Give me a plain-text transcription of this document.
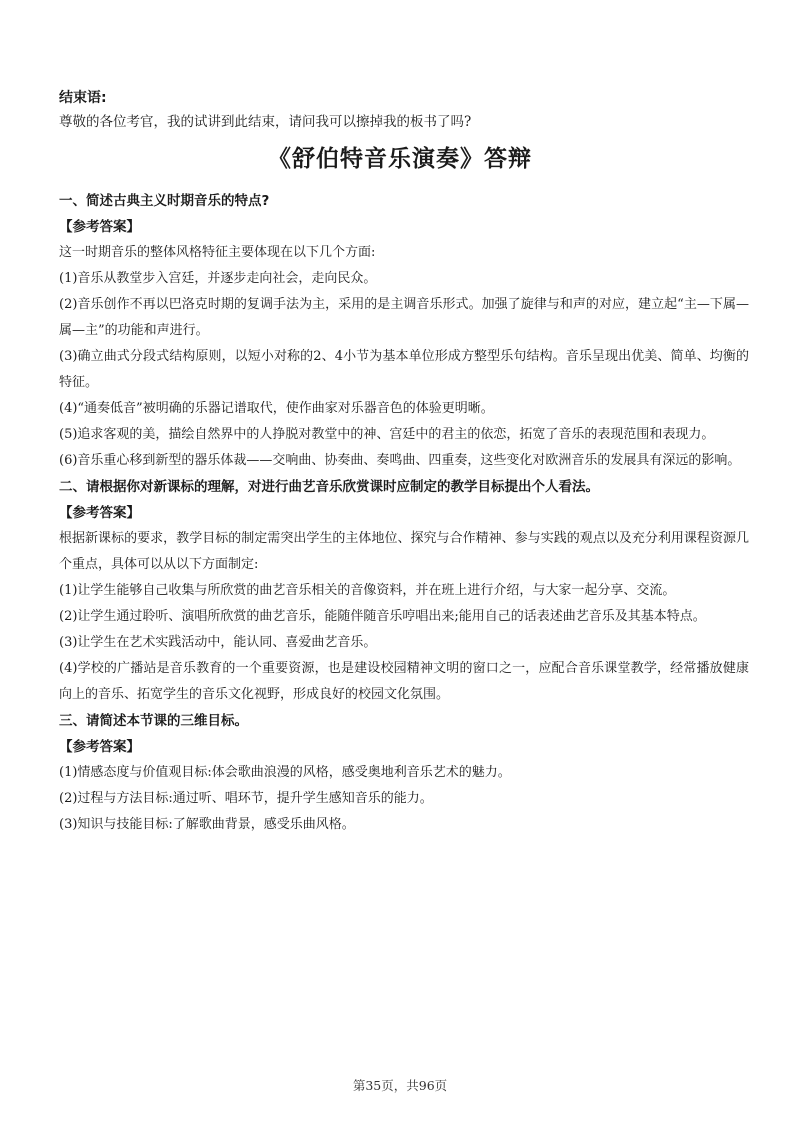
结束语:
尊敬的各位考官，我的试讲到此结束，请问我可以擦掉我的板书了吗?
《舒伯特音乐演奏》答辩

一、简述古典主义时期音乐的特点?

【参考答案】

这一时期音乐的整体风格特征主要体现在以下几个方面:

(1)音乐从教堂步入宫廷，并逐步走向社会，走向民众。

(2)音乐创作不再以巴洛克时期的复调手法为主，采用的是主调音乐形式。加强了旋律与和声的对应，建立起“主—下属—属—主”的功能和声进行。

(3)确立曲式分段式结构原则，以短小对称的2、4小节为基本单位形成方整型乐句结构。音乐呈现出优美、简单、均衡的特征。

(4)“通奏低音”被明确的乐器记谱取代，使作曲家对乐器音色的体验更明晰。

(5)追求客观的美，描绘自然界中的人挣脱对教堂中的神、宫廷中的君主的依恋，拓宽了音乐的表现范围和表现力。

(6)音乐重心移到新型的器乐体裁——交响曲、协奏曲、奏鸣曲、四重奏，这些变化对欧洲音乐的发展具有深远的影响。

二、请根据你对新课标的理解，对进行曲艺音乐欣赏课时应制定的教学目标提出个人看法。

【参考答案】

根据新课标的要求，教学目标的制定需突出学生的主体地位、探究与合作精神、参与实践的观点以及充分利用课程资源几个重点，具体可以从以下方面制定:

(1)让学生能够自己收集与所欣赏的曲艺音乐相关的音像资料，并在班上进行介绍，与大家一起分享、交流。

(2)让学生通过聆听、演唱所欣赏的曲艺音乐，能随伴随音乐哼唱出来;能用自己的话表述曲艺音乐及其基本特点。

(3)让学生在艺术实践活动中，能认同、喜爱曲艺音乐。

(4)学校的广播站是音乐教育的一个重要资源，也是建设校园精神文明的窗口之一，应配合音乐课堂教学，经常播放健康向上的音乐、拓宽学生的音乐文化视野，形成良好的校园文化氛围。

三、请简述本节课的三维目标。

【参考答案】

(1)情感态度与价值观目标:体会歌曲浪漫的风格，感受奥地利音乐艺术的魅力。

(2)过程与方法目标:通过听、唱环节，提升学生感知音乐的能力。

(3)知识与技能目标:了解歌曲背景，感受乐曲风格。

第35页，共96页
